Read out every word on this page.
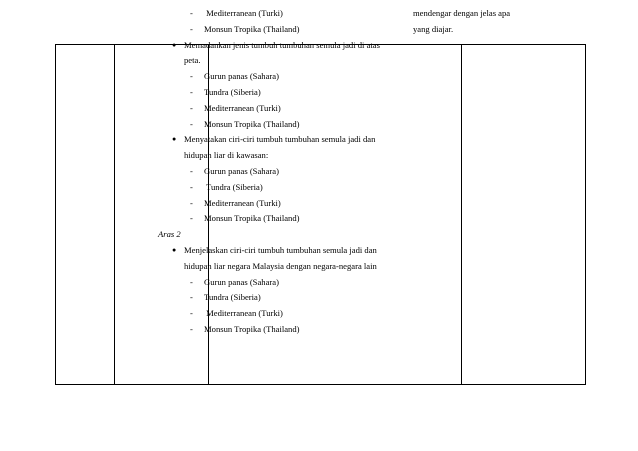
- Mediterranean (Turki)
- Monsun Tropika (Thailand)
● Memadankan jenis tumbuh tumbuhan semula jadi di atas
peta.
- Gurun panas (Sahara)
- Tundra (Siberia)
- Mediterranean (Turki)
- Monsun Tropika (Thailand)
● Menyatakan ciri-ciri tumbuh tumbuhan semula jadi dan
hidupan liar di kawasan:
- Gurun panas (Sahara)
- Tundra (Siberia)
- Mediterranean (Turki)
- Monsun Tropika (Thailand)
Aras 2
● Menjelaskan ciri-ciri tumbuh tumbuhan semula jadi dan
hidupan liar negara Malaysia dengan negara-negara lain
- Gurun panas (Sahara)
- Tundra (Siberia)
- Mediterranean (Turki)
- Monsun Tropika (Thailand)
mendengar dengan jelas apa
yang diajar.
